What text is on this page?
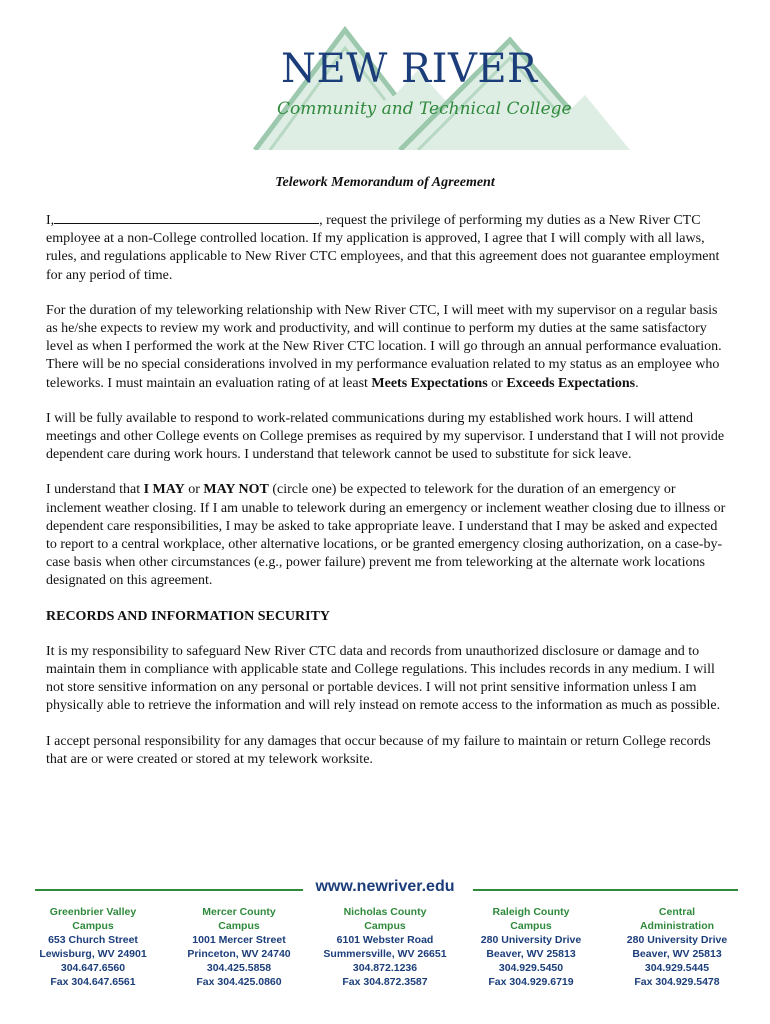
NEW RIVER
Community and Technical College
Telework Memorandum of Agreement

I,	, request the privilege of performing my duties as a New River CTC employee at a non-College controlled location. If my application is approved, I agree that I will comply with all laws, rules, and regulations applicable to New River CTC employees, and that this agreement does not guarantee employment for any period of time.

For the duration of my teleworking relationship with New River CTC, I will meet with my supervisor on a regular basis as he/she expects to review my work and productivity, and will continue to perform my duties at the same satisfactory level as when I performed the work at the New River CTC location. I will go through an annual performance evaluation. There will be no special considerations involved in my performance evaluation related to my status as an employee who teleworks. I must maintain an evaluation rating of at least Meets Expectations or Exceeds Expectations.

I will be fully available to respond to work-related communications during my established work hours. I will attend meetings and other College events on College premises as required by my supervisor. I understand that I will not provide dependent care during work hours. I understand that telework cannot be used to substitute for sick leave.

I understand that I MAY or MAY NOT (circle one) be expected to telework for the duration of an emergency or inclement weather closing. If I am unable to telework during an emergency or inclement weather closing due to illness or dependent care responsibilities, I may be asked to take appropriate leave. I understand that I may be asked and expected to report to a central workplace, other alternative locations, or be granted emergency closing authorization, on a case-by-case basis when other circumstances (e.g., power failure) prevent me from teleworking at the alternate work locations designated on this agreement.

RECORDS AND INFORMATION SECURITY

It is my responsibility to safeguard New River CTC data and records from unauthorized disclosure or damage and to maintain them in compliance with applicable state and College regulations. This includes records in any medium. I will not store sensitive information on any personal or portable devices. I will not print sensitive information unless I am physically able to retrieve the information and will rely instead on remote access to the information as much as possible.

I accept personal responsibility for any damages that occur because of my failure to maintain or return College records that are or were created or stored at my telework worksite.

www.newriver.edu
Greenbrier Valley
Campus
653 Church Street
Lewisburg, WV 24901
304.647.6560
Fax 304.647.6561
Mercer County
Campus
1001 Mercer Street
Princeton, WV 24740
304.425.5858
Fax 304.425.0860
Nicholas County
Campus
6101 Webster Road
Summersville, WV 26651
304.872.1236
Fax 304.872.3587
Raleigh County
Campus
280 University Drive
Beaver, WV 25813
304.929.5450
Fax 304.929.6719
Central
Administration
280 University Drive
Beaver, WV 25813
304.929.5445
Fax 304.929.5478
